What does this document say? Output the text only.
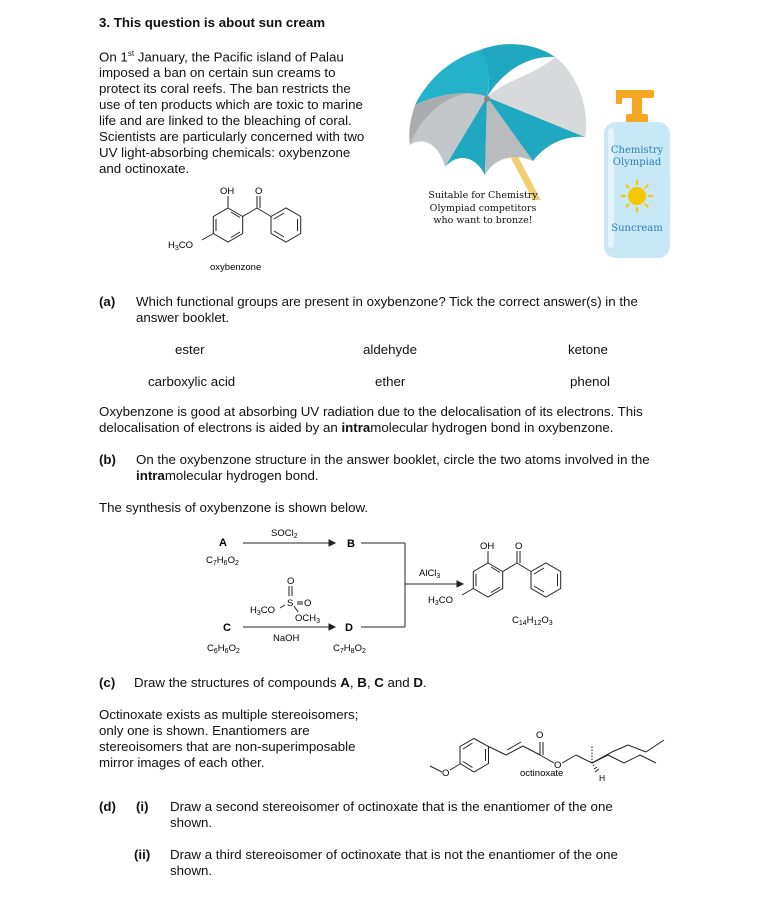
3. This question is about sun cream
On 1st January, the Pacific island of Palau
imposed a ban on certain sun creams to
protect its coral reefs. The ban restricts the
use of ten products which are toxic to marine
life and are linked to the bleaching of coral.
Scientists are particularly concerned with two
UV light-absorbing chemicals: oxybenzone
and octinoxate.
OH O
$H_3CO$
oxybenzone
Suitable for Chemistry
Olympiad competitors
who want to bronze!
Chemistry
Olympiad
Suncream
(a) Which functional groups are present in oxybenzone? Tick the correct answer(s) in the
answer booklet.
ester	aldehyde	ketone
carboxylic acid	ether	phenol
Oxybenzone is good at absorbing UV radiation due to the delocalisation of its electrons. This
delocalisation of electrons is aided by an intramolecular hydrogen bond in oxybenzone.
(b) On the oxybenzone structure in the answer booklet, circle the two atoms involved in the
intramolecular hydrogen bond.
The synthesis of oxybenzone is shown below.
A
$C_7H_6O_2$
SOCl$_2$
B
O
S O
$H_3CO$
$OCH_3$
C
$C_6H_6O_2$
NaOH
D
$C_7H_8O_2$
AlCl$_3$
OH O
$H_3CO$
$C_{14}H_{12}O_3$
(c) Draw the structures of compounds A, B, C and D.
Octinoxate exists as multiple stereoisomers;
only one is shown. Enantiomers are
stereoisomers that are non-superimposable
mirror images of each other.
O
O
O	H
octinoxate
(d) (i) Draw a second stereoisomer of octinoxate that is the enantiomer of the one
shown.
(ii) Draw a third stereoisomer of octinoxate that is not the enantiomer of the one
shown.
